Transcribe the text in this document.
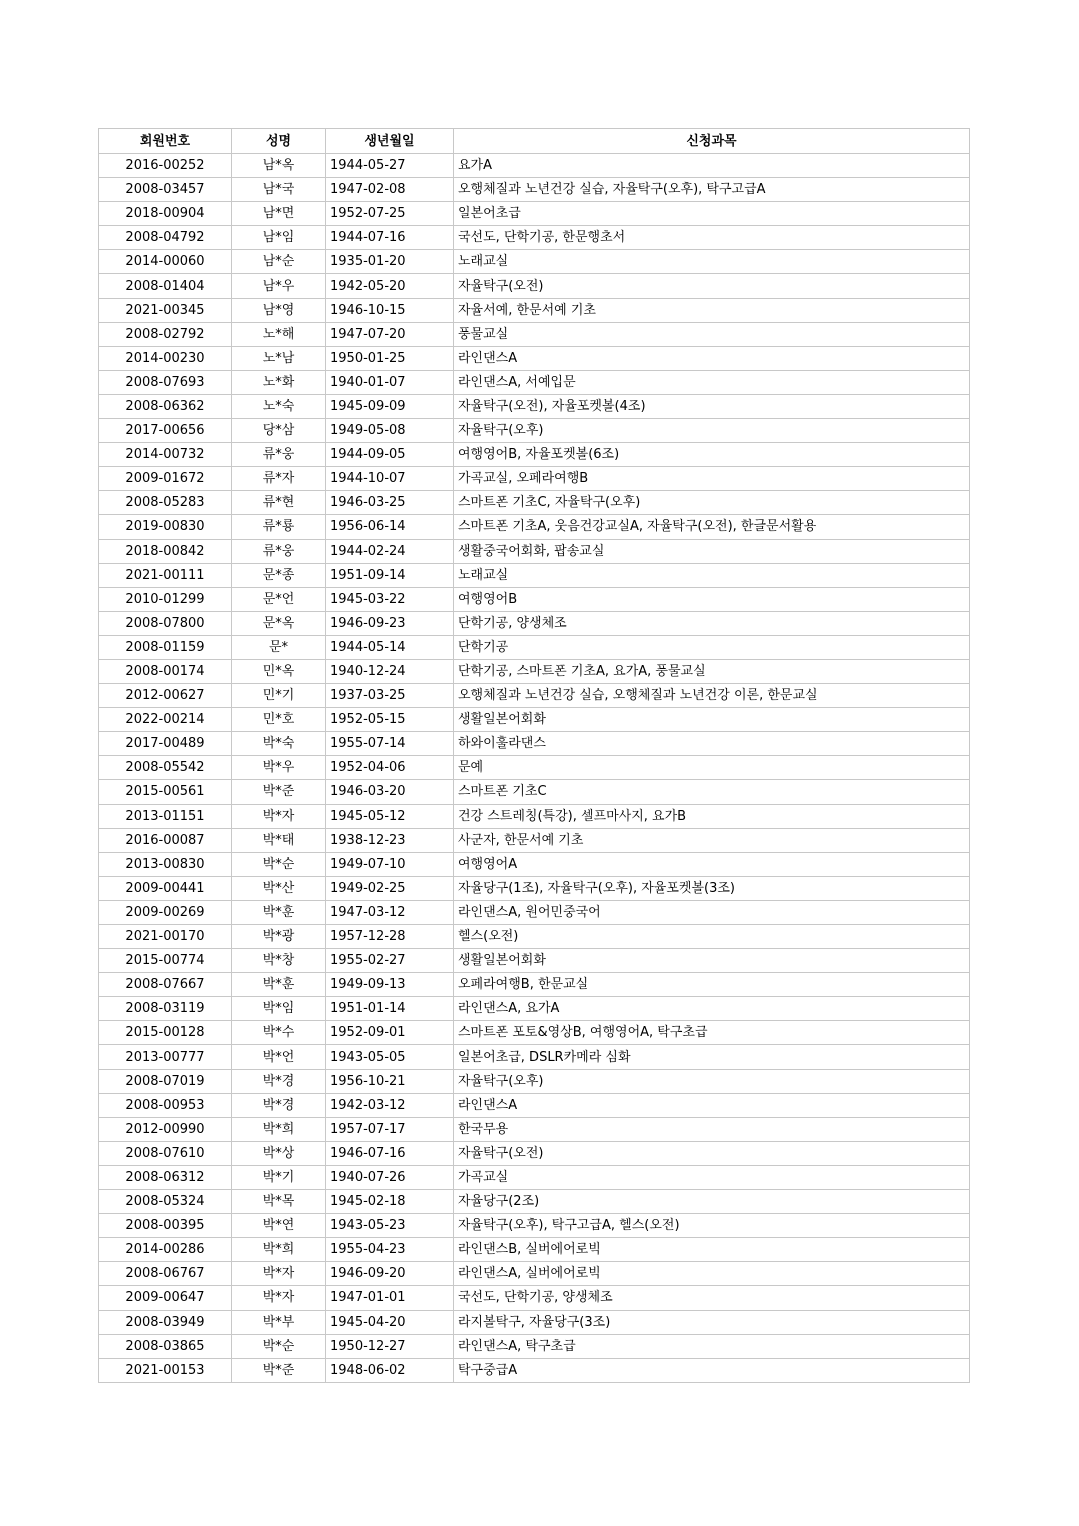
회원번호	성명	생년월일	신청과목
2016-00252	남*옥	1944-05-27	요가A
2008-03457	남*국	1947-02-08	오행체질과 노년건강 실습, 자율탁구(오후), 탁구고급A
2018-00904	남*면	1952-07-25	일본어초급
2008-04792	남*임	1944-07-16	국선도, 단학기공, 한문행초서
2014-00060	남*순	1935-01-20	노래교실
2008-01404	남*우	1942-05-20	자율탁구(오전)
2021-00345	남*영	1946-10-15	자율서예, 한문서예 기초
2008-02792	노*해	1947-07-20	풍물교실
2014-00230	노*남	1950-01-25	라인댄스A
2008-07693	노*화	1940-01-07	라인댄스A, 서예입문
2008-06362	노*숙	1945-09-09	자율탁구(오전), 자율포켓볼(4조)
2017-00656	당*삼	1949-05-08	자율탁구(오후)
2014-00732	류*웅	1944-09-05	여행영어B, 자율포켓볼(6조)
2009-01672	류*자	1944-10-07	가곡교실, 오페라여행B
2008-05283	류*현	1946-03-25	스마트폰 기초C, 자율탁구(오후)
2019-00830	류*룡	1956-06-14	스마트폰 기초A, 웃음건강교실A, 자율탁구(오전), 한글문서활용
2018-00842	류*웅	1944-02-24	생활중국어회화, 팝송교실
2021-00111	문*종	1951-09-14	노래교실
2010-01299	문*언	1945-03-22	여행영어B
2008-07800	문*옥	1946-09-23	단학기공, 양생체조
2008-01159	문*	1944-05-14	단학기공
2008-00174	민*옥	1940-12-24	단학기공, 스마트폰 기초A, 요가A, 풍물교실
2012-00627	민*기	1937-03-25	오행체질과 노년건강 실습, 오행체질과 노년건강 이론, 한문교실
2022-00214	민*호	1952-05-15	생활일본어회화
2017-00489	박*숙	1955-07-14	하와이훌라댄스
2008-05542	박*우	1952-04-06	문예
2015-00561	박*준	1946-03-20	스마트폰 기초C
2013-01151	박*자	1945-05-12	건강 스트레칭(특강), 셀프마사지, 요가B
2016-00087	박*태	1938-12-23	사군자, 한문서예 기초
2013-00830	박*순	1949-07-10	여행영어A
2009-00441	박*산	1949-02-25	자율당구(1조), 자율탁구(오후), 자율포켓볼(3조)
2009-00269	박*훈	1947-03-12	라인댄스A, 원어민중국어
2021-00170	박*광	1957-12-28	헬스(오전)
2015-00774	박*창	1955-02-27	생활일본어회화
2008-07667	박*훈	1949-09-13	오페라여행B, 한문교실
2008-03119	박*임	1951-01-14	라인댄스A, 요가A
2015-00128	박*수	1952-09-01	스마트폰 포토&영상B, 여행영어A, 탁구초급
2013-00777	박*언	1943-05-05	일본어초급, DSLR카메라 심화
2008-07019	박*경	1956-10-21	자율탁구(오후)
2008-00953	박*경	1942-03-12	라인댄스A
2012-00990	박*희	1957-07-17	한국무용
2008-07610	박*상	1946-07-16	자율탁구(오전)
2008-06312	박*기	1940-07-26	가곡교실
2008-05324	박*목	1945-02-18	자율당구(2조)
2008-00395	박*연	1943-05-23	자율탁구(오후), 탁구고급A, 헬스(오전)
2014-00286	박*희	1955-04-23	라인댄스B, 실버에어로빅
2008-06767	박*자	1946-09-20	라인댄스A, 실버에어로빅
2009-00647	박*자	1947-01-01	국선도, 단학기공, 양생체조
2008-03949	박*부	1945-04-20	라지볼탁구, 자율당구(3조)
2008-03865	박*순	1950-12-27	라인댄스A, 탁구초급
2021-00153	박*준	1948-06-02	탁구중급A
